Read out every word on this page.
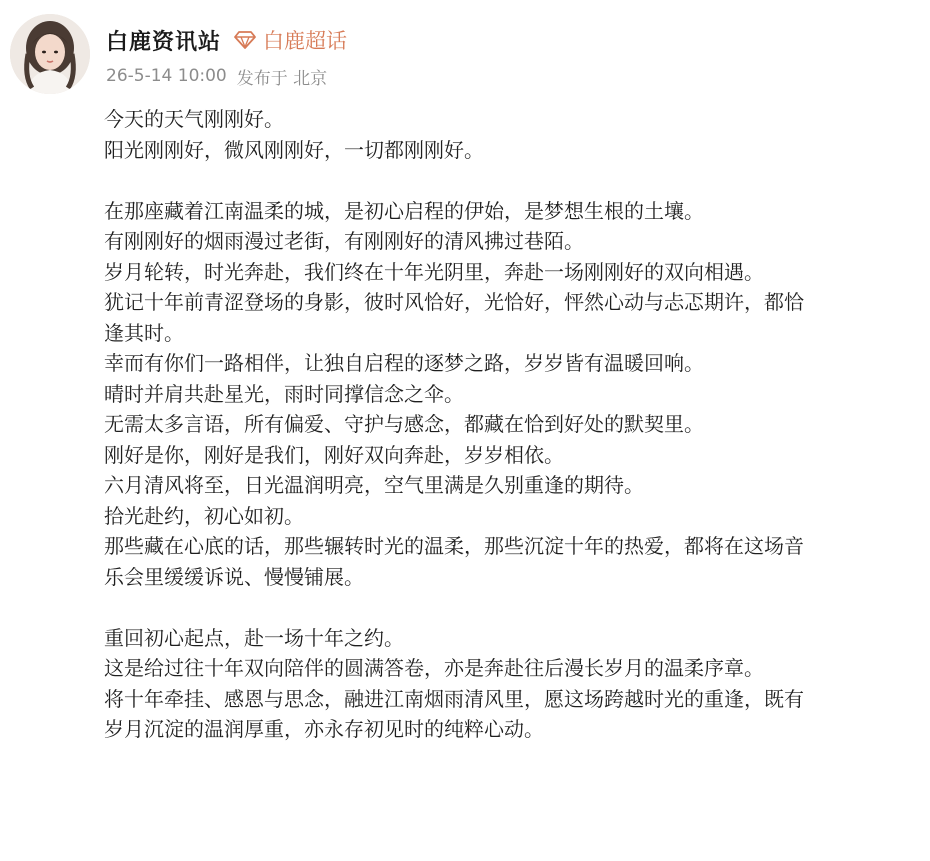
白鹿资讯站 白鹿超话
26-5-14 10:00 发布于 北京
今天的天气刚刚好。
阳光刚刚好，微风刚刚好，一切都刚刚好。
在那座藏着江南温柔的城，是初心启程的伊始，是梦想生根的土壤。
有刚刚好的烟雨漫过老街，有刚刚好的清风拂过巷陌。
岁月轮转，时光奔赴，我们终在十年光阴里，奔赴一场刚刚好的双向相遇。
犹记十年前青涩登场的身影，彼时风恰好，光恰好，怦然心动与忐忑期许，都恰
逢其时。
幸而有你们一路相伴，让独自启程的逐梦之路，岁岁皆有温暖回响。
晴时并肩共赴星光，雨时同撑信念之伞。
无需太多言语，所有偏爱、守护与感念，都藏在恰到好处的默契里。
刚好是你，刚好是我们，刚好双向奔赴，岁岁相依。
六月清风将至，日光温润明亮，空气里满是久别重逢的期待。
拾光赴约，初心如初。
那些藏在心底的话，那些辗转时光的温柔，那些沉淀十年的热爱，都将在这场音
乐会里缓缓诉说、慢慢铺展。
重回初心起点，赴一场十年之约。
这是给过往十年双向陪伴的圆满答卷，亦是奔赴往后漫长岁月的温柔序章。
将十年牵挂、感恩与思念，融进江南烟雨清风里，愿这场跨越时光的重逢，既有
岁月沉淀的温润厚重，亦永存初见时的纯粹心动。
